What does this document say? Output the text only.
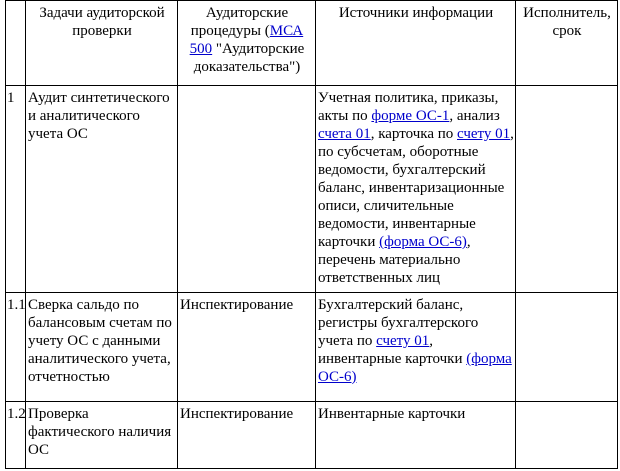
	Задачи аудиторской проверки	Аудиторские процедуры (МСА 500 "Аудиторские доказательства")	Источники информации	Исполнитель, срок
1	Аудит синтетического и аналитического учета ОС		Учетная политика, приказы, акты по форме ОС-1, анализ счета 01, карточка по счету 01, по субсчетам, оборотные ведомости, бухгалтерский баланс, инвентаризационные описи, сличительные ведомости, инвентарные карточки (форма ОС-6), перечень материально ответственных лиц	
1.1	Сверка сальдо по балансовым счетам по учету ОС с данными аналитического учета, отчетностью	Инспектирование	Бухгалтерский баланс, регистры бухгалтерского учета по счету 01, инвентарные карточки (форма ОС-6)	
1.2	Проверка фактического наличия ОС	Инспектирование	Инвентарные карточки	
